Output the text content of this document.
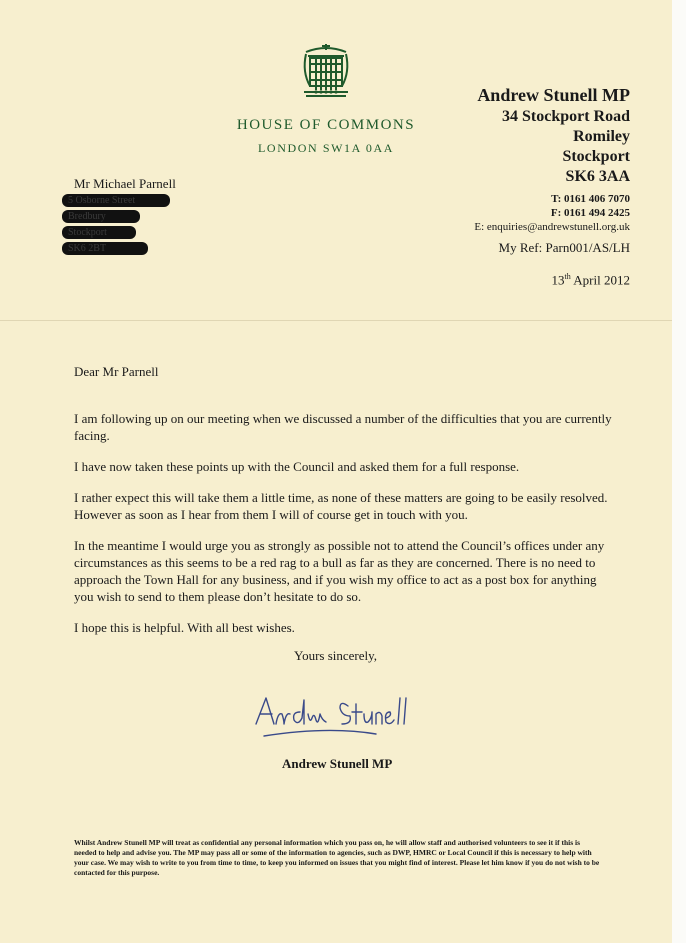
HOUSE OF COMMONS
LONDON SW1A 0AA
Andrew Stunell MP
34 Stockport Road
Romiley
Stockport
SK6 3AA
T: 0161 406 7070
F: 0161 494 2425
E: enquiries@andrewstunell.org.uk
My Ref: Parn001/AS/LH
13th April 2012
Mr Michael Parnell
5 Osborne Street
Bredbury
Stockport
SK6 2BT
Dear Mr Parnell

I am following up on our meeting when we discussed a number of the difficulties that you are currently facing.

I have now taken these points up with the Council and asked them for a full response.

I rather expect this will take them a little time, as none of these matters are going to be easily resolved. However as soon as I hear from them I will of course get in touch with you.

In the meantime I would urge you as strongly as possible not to attend the Council’s offices under any circumstances as this seems to be a red rag to a bull as far as they are concerned. There is no need to approach the Town Hall for any business, and if you wish my office to act as a post box for anything you wish to send to them please don’t hesitate to do so.

I hope this is helpful. With all best wishes.

Yours sincerely,
Andrew Stunell MP
Whilst Andrew Stunell MP will treat as confidential any personal information which you pass on, he will allow staff and authorised volunteers to see it if this is needed to help and advise you. The MP may pass all or some of the information to agencies, such as DWP, HMRC or Local Council if this is necessary to help with your case. We may wish to write to you from time to time, to keep you informed on issues that you might find of interest. Please let him know if you do not wish to be contacted for this purpose.
